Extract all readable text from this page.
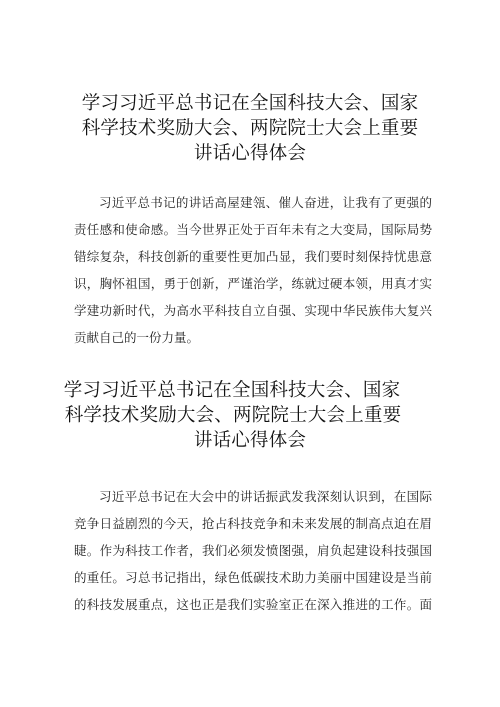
学习习近平总书记在全国科技大会、国家
科学技术奖励大会、两院院士大会上重要
讲话心得体会

习近平总书记的讲话高屋建瓴、催人奋进，让我有了更强的
责任感和使命感。当今世界正处于百年未有之大变局，国际局势
错综复杂，科技创新的重要性更加凸显，我们要时刻保持忧患意
识，胸怀祖国，勇于创新，严谨治学，练就过硬本领，用真才实
学建功新时代，为高水平科技自立自强、实现中华民族伟大复兴
贡献自己的一份力量。

学习习近平总书记在全国科技大会、国家
科学技术奖励大会、两院院士大会上重要
讲话心得体会

习近平总书记在大会中的讲话振武发我深刻认识到，在国际
竞争日益剧烈的今天，抢占科技竞争和未来发展的制高点迫在眉
睫。作为科技工作者，我们必须发愤图强，肩负起建设科技强国
的重任。习总书记指出，绿色低碳技术助力美丽中国建设是当前
的科技发展重点，这也正是我们实验室正在深入推进的工作。面
